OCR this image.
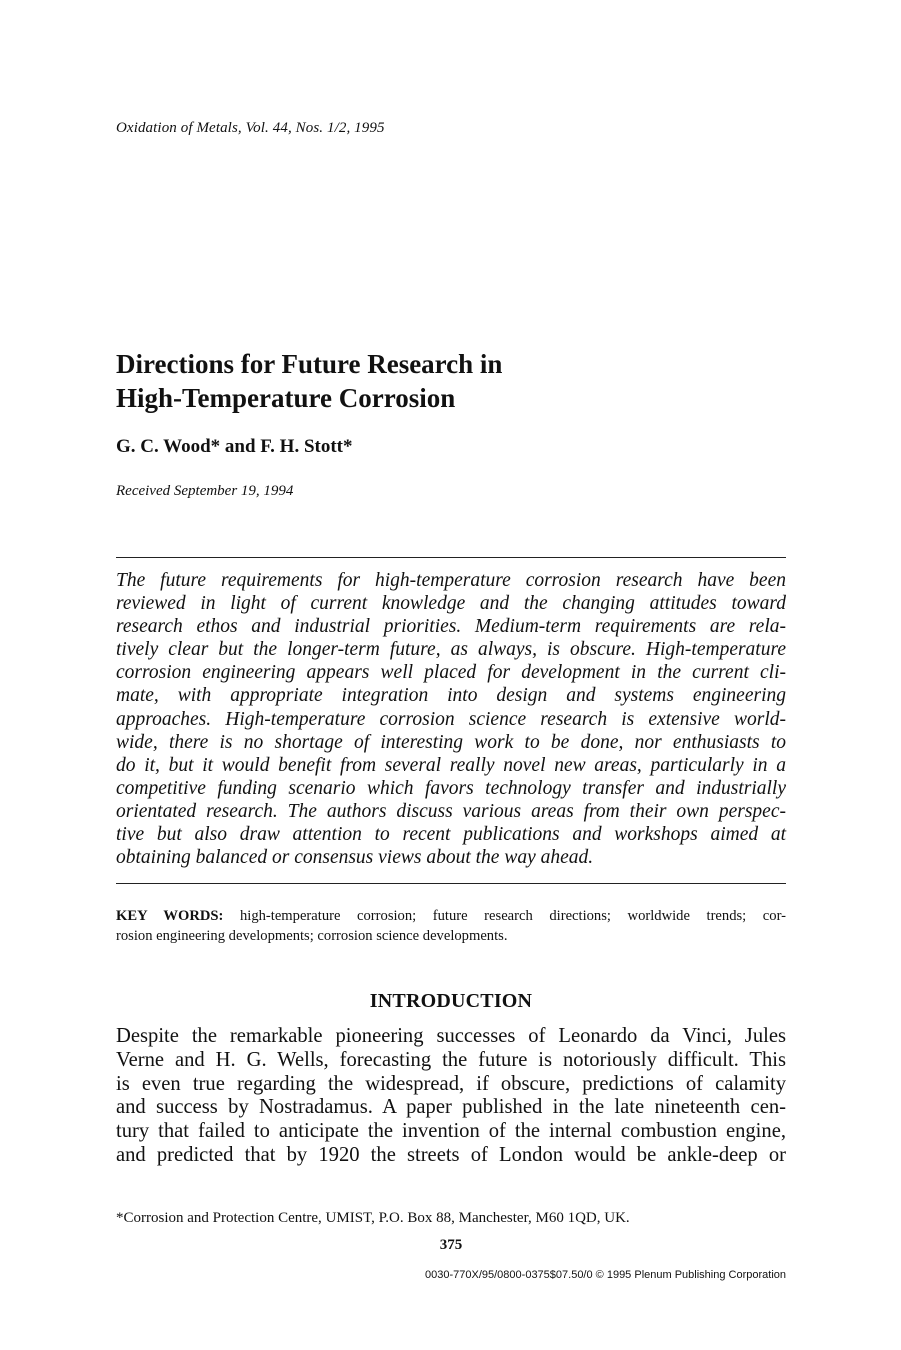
Oxidation of Metals, Vol. 44, Nos. 1/2, 1995
Directions for Future Research in
High-Temperature Corrosion
G. C. Wood* and F. H. Stott*
Received September 19, 1994
The future requirements for high-temperature corrosion research have been
reviewed in light of current knowledge and the changing attitudes toward
research ethos and industrial priorities. Medium-term requirements are rela-
tively clear but the longer-term future, as always, is obscure. High-temperature
corrosion engineering appears well placed for development in the current cli-
mate, with appropriate integration into design and systems engineering
approaches. High-temperature corrosion science research is extensive world-
wide, there is no shortage of interesting work to be done, nor enthusiasts to
do it, but it would benefit from several really novel new areas, particularly in a
competitive funding scenario which favors technology transfer and industrially
orientated research. The authors discuss various areas from their own perspec-
tive but also draw attention to recent publications and workshops aimed at
obtaining balanced or consensus views about the way ahead.
KEY WORDS: high-temperature corrosion; future research directions; worldwide trends; cor-
rosion engineering developments; corrosion science developments.
INTRODUCTION
Despite the remarkable pioneering successes of Leonardo da Vinci, Jules
Verne and H. G. Wells, forecasting the future is notoriously difficult. This
is even true regarding the widespread, if obscure, predictions of calamity
and success by Nostradamus. A paper published in the late nineteenth cen-
tury that failed to anticipate the invention of the internal combustion engine,
and predicted that by 1920 the streets of London would be ankle-deep or
*Corrosion and Protection Centre, UMIST, P.O. Box 88, Manchester, M60 1QD, UK.
375
0030-770X/95/0800-0375$07.50/0 © 1995 Plenum Publishing Corporation
